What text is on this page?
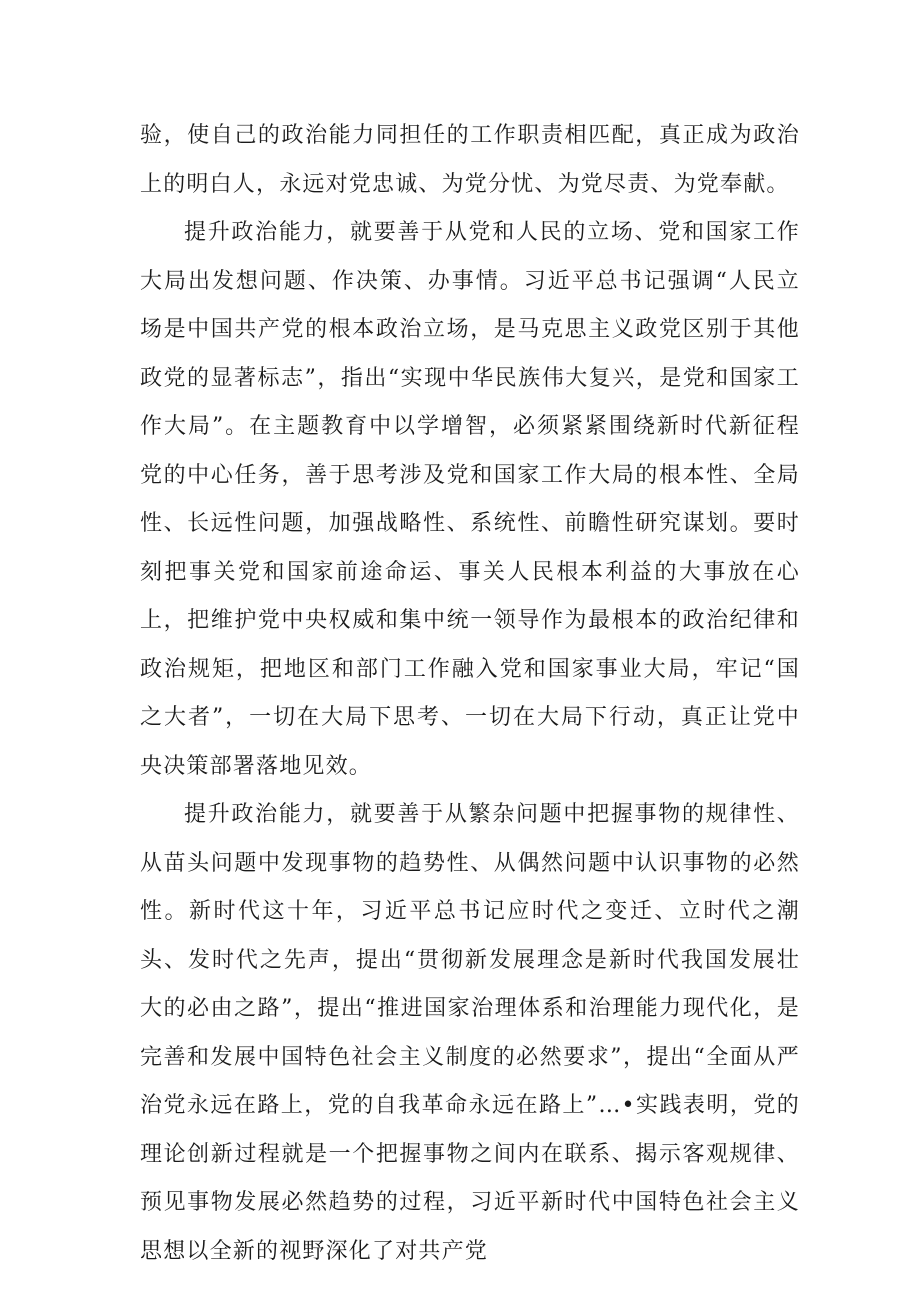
验，使自己的政治能力同担任的工作职责相匹配，真正成为政治上的明白人，永远对党忠诚、为党分忧、为党尽责、为党奉献。

提升政治能力，就要善于从党和人民的立场、党和国家工作大局出发想问题、作决策、办事情。习近平总书记强调“人民立场是中国共产党的根本政治立场，是马克思主义政党区别于其他政党的显著标志”，指出“实现中华民族伟大复兴，是党和国家工作大局”。在主题教育中以学增智，必须紧紧围绕新时代新征程党的中心任务，善于思考涉及党和国家工作大局的根本性、全局性、长远性问题，加强战略性、系统性、前瞻性研究谋划。要时刻把事关党和国家前途命运、事关人民根本利益的大事放在心上，把维护党中央权威和集中统一领导作为最根本的政治纪律和政治规矩，把地区和部门工作融入党和国家事业大局，牢记“国之大者”，一切在大局下思考、一切在大局下行动，真正让党中央决策部署落地见效。

提升政治能力，就要善于从繁杂问题中把握事物的规律性、从苗头问题中发现事物的趋势性、从偶然问题中认识事物的必然性。新时代这十年，习近平总书记应时代之变迁、立时代之潮头、发时代之先声，提出“贯彻新发展理念是新时代我国发展壮大的必由之路”，提出“推进国家治理体系和治理能力现代化，是完善和发展中国特色社会主义制度的必然要求”，提出“全面从严治党永远在路上，党的自我革命永远在路上”…•实践表明，党的理论创新过程就是一个把握事物之间内在联系、揭示客观规律、预见事物发展必然趋势的过程，习近平新时代中国特色社会主义思想以全新的视野深化了对共产党
